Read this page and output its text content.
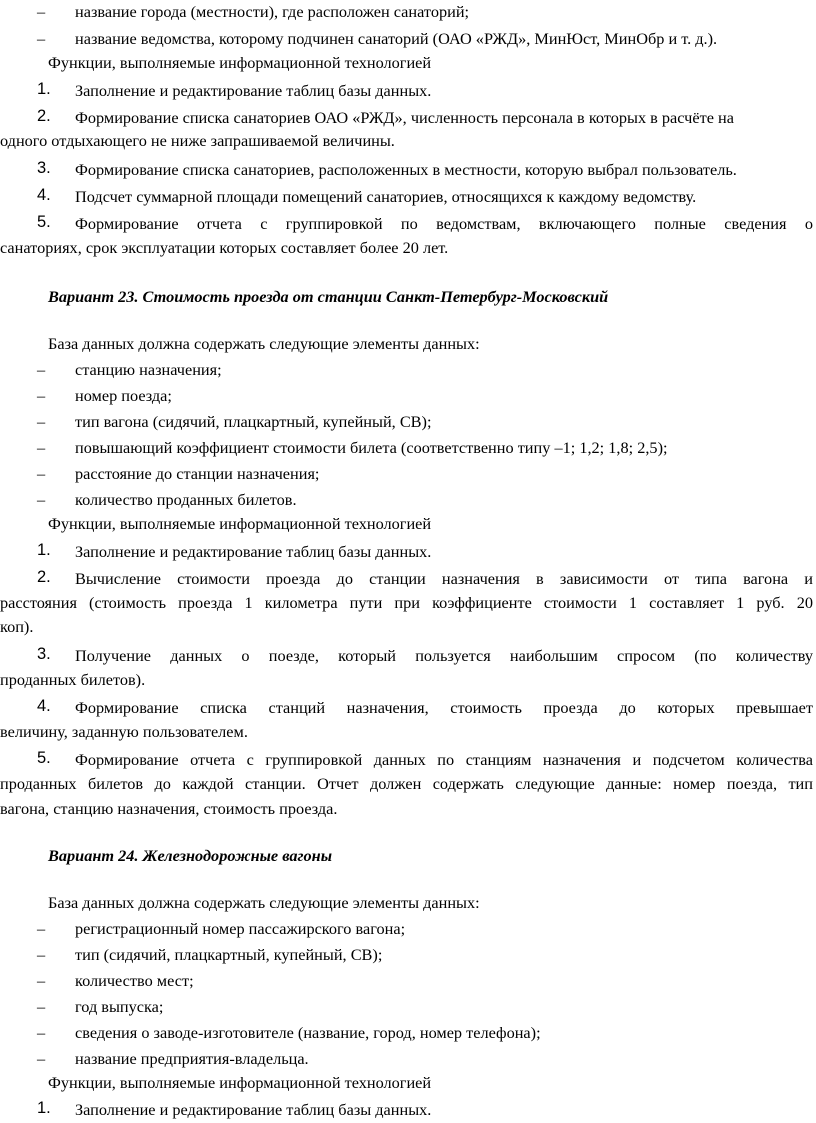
– название города (местности), где расположен санаторий;
– название ведомства, которому подчинен санаторий (ОАО «РЖД», МинЮст, МинОбр и т. д.).
Функции, выполняемые информационной технологией
1. Заполнение и редактирование таблиц базы данных.
2. Формирование списка санаториев ОАО «РЖД», численность персонала в которых в расчёте на
одного отдыхающего не ниже запрашиваемой величины.
3. Формирование списка санаториев, расположенных в местности, которую выбрал пользователь.
4. Подсчет суммарной площади помещений санаториев, относящихся к каждому ведомству.
5. Формирование отчета с группировкой по ведомствам, включающего полные сведения о
санаториях, срок эксплуатации которых составляет более 20 лет.
Вариант 23. Стоимость проезда от станции Санкт-Петербург-Московский
База данных должна содержать следующие элементы данных:
– станцию назначения;
– номер поезда;
– тип вагона (сидячий, плацкартный, купейный, СВ);
– повышающий коэффициент стоимости билета (соответственно типу –1; 1,2; 1,8; 2,5);
– расстояние до станции назначения;
– количество проданных билетов.
Функции, выполняемые информационной технологией
1. Заполнение и редактирование таблиц базы данных.
2. Вычисление стоимости проезда до станции назначения в зависимости от типа вагона и
расстояния (стоимость проезда 1 километра пути при коэффициенте стоимости 1 составляет 1 руб. 20
коп).
3. Получение данных о поезде, который пользуется наибольшим спросом (по количеству
проданных билетов).
4. Формирование списка станций назначения, стоимость проезда до которых превышает
величину, заданную пользователем.
5. Формирование отчета с группировкой данных по станциям назначения и подсчетом количества
проданных билетов до каждой станции. Отчет должен содержать следующие данные: номер поезда, тип
вагона, станцию назначения, стоимость проезда.
Вариант 24. Железнодорожные вагоны
База данных должна содержать следующие элементы данных:
– регистрационный номер пассажирского вагона;
– тип (сидячий, плацкартный, купейный, СВ);
– количество мест;
– год выпуска;
– сведения о заводе-изготовителе (название, город, номер телефона);
– название предприятия-владельца.
Функции, выполняемые информационной технологией
1. Заполнение и редактирование таблиц базы данных.
